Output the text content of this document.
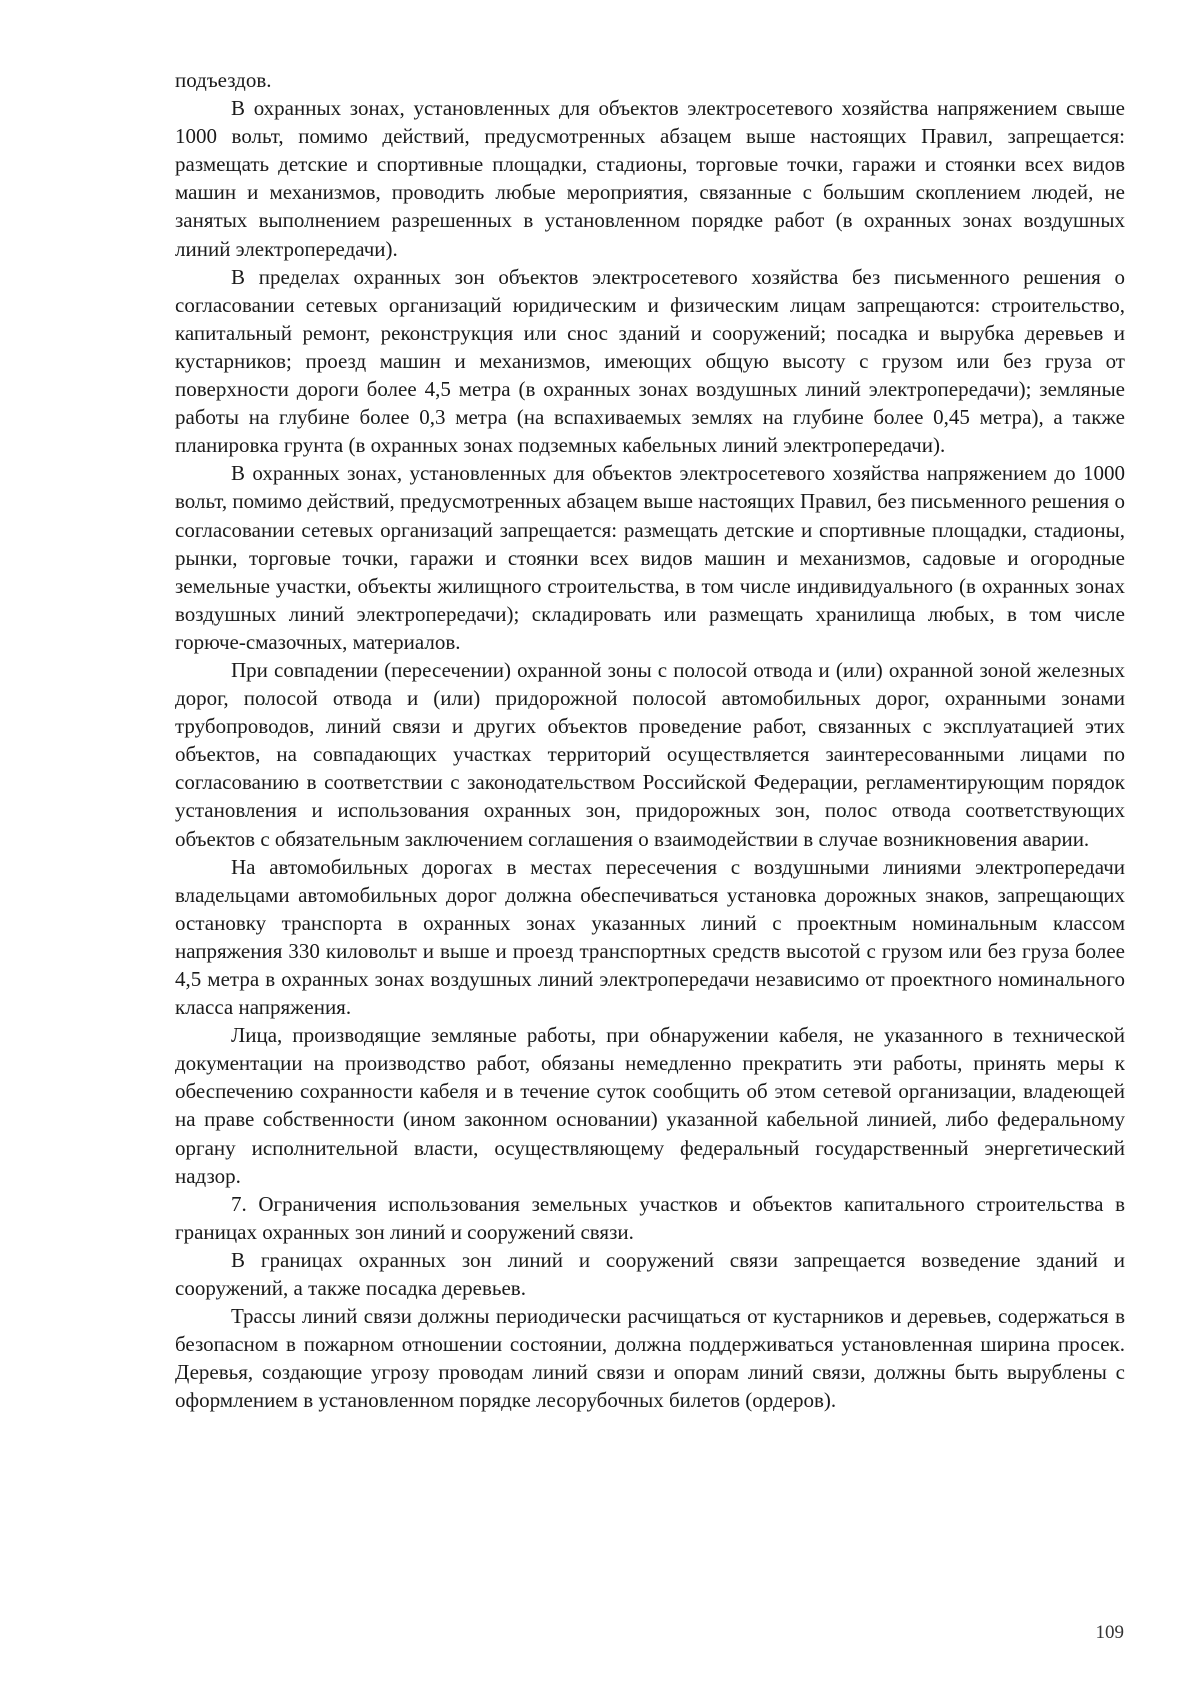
подъездов.

В охранных зонах, установленных для объектов электросетевого хозяйства напряжением свыше 1000 вольт, помимо действий, предусмотренных абзацем выше настоящих Правил, запрещается: размещать детские и спортивные площадки, стадионы, торговые точки, гаражи и стоянки всех видов машин и механизмов, проводить любые мероприятия, связанные с большим скоплением людей, не занятых выполнением разрешенных в установленном порядке работ (в охранных зонах воздушных линий электропередачи).

В пределах охранных зон объектов электросетевого хозяйства без письменного решения о согласовании сетевых организаций юридическим и физическим лицам запрещаются: строительство, капитальный ремонт, реконструкция или снос зданий и сооружений; посадка и вырубка деревьев и кустарников; проезд машин и механизмов, имеющих общую высоту с грузом или без груза от поверхности дороги более 4,5 метра (в охранных зонах воздушных линий электропередачи); земляные работы на глубине более 0,3 метра (на вспахиваемых землях на глубине более 0,45 метра), а также планировка грунта (в охранных зонах подземных кабельных линий электропередачи).

В охранных зонах, установленных для объектов электросетевого хозяйства напряжением до 1000 вольт, помимо действий, предусмотренных абзацем выше настоящих Правил, без письменного решения о согласовании сетевых организаций запрещается: размещать детские и спортивные площадки, стадионы, рынки, торговые точки, гаражи и стоянки всех видов машин и механизмов, садовые и огородные земельные участки, объекты жилищного строительства, в том числе индивидуального (в охранных зонах воздушных линий электропередачи); складировать или размещать хранилища любых, в том числе горюче-смазочных, материалов.

При совпадении (пересечении) охранной зоны с полосой отвода и (или) охранной зоной железных дорог, полосой отвода и (или) придорожной полосой автомобильных дорог, охранными зонами трубопроводов, линий связи и других объектов проведение работ, связанных с эксплуатацией этих объектов, на совпадающих участках территорий осуществляется заинтересованными лицами по согласованию в соответствии с законодательством Российской Федерации, регламентирующим порядок установления и использования охранных зон, придорожных зон, полос отвода соответствующих объектов с обязательным заключением соглашения о взаимодействии в случае возникновения аварии.

На автомобильных дорогах в местах пересечения с воздушными линиями электропередачи владельцами автомобильных дорог должна обеспечиваться установка дорожных знаков, запрещающих остановку транспорта в охранных зонах указанных линий с проектным номинальным классом напряжения 330 киловольт и выше и проезд транспортных средств высотой с грузом или без груза более 4,5 метра в охранных зонах воздушных линий электропередачи независимо от проектного номинального класса напряжения.

Лица, производящие земляные работы, при обнаружении кабеля, не указанного в технической документации на производство работ, обязаны немедленно прекратить эти работы, принять меры к обеспечению сохранности кабеля и в течение суток сообщить об этом сетевой организации, владеющей на праве собственности (ином законном основании) указанной кабельной линией, либо федеральному органу исполнительной власти, осуществляющему федеральный государственный энергетический надзор.

7. Ограничения использования земельных участков и объектов капитального строительства в границах охранных зон линий и сооружений связи.

В границах охранных зон линий и сооружений связи запрещается возведение зданий и сооружений, а также посадка деревьев.

Трассы линий связи должны периодически расчищаться от кустарников и деревьев, содержаться в безопасном в пожарном отношении состоянии, должна поддерживаться установленная ширина просек. Деревья, создающие угрозу проводам линий связи и опорам линий связи, должны быть вырублены с оформлением в установленном порядке лесорубочных билетов (ордеров).

109
